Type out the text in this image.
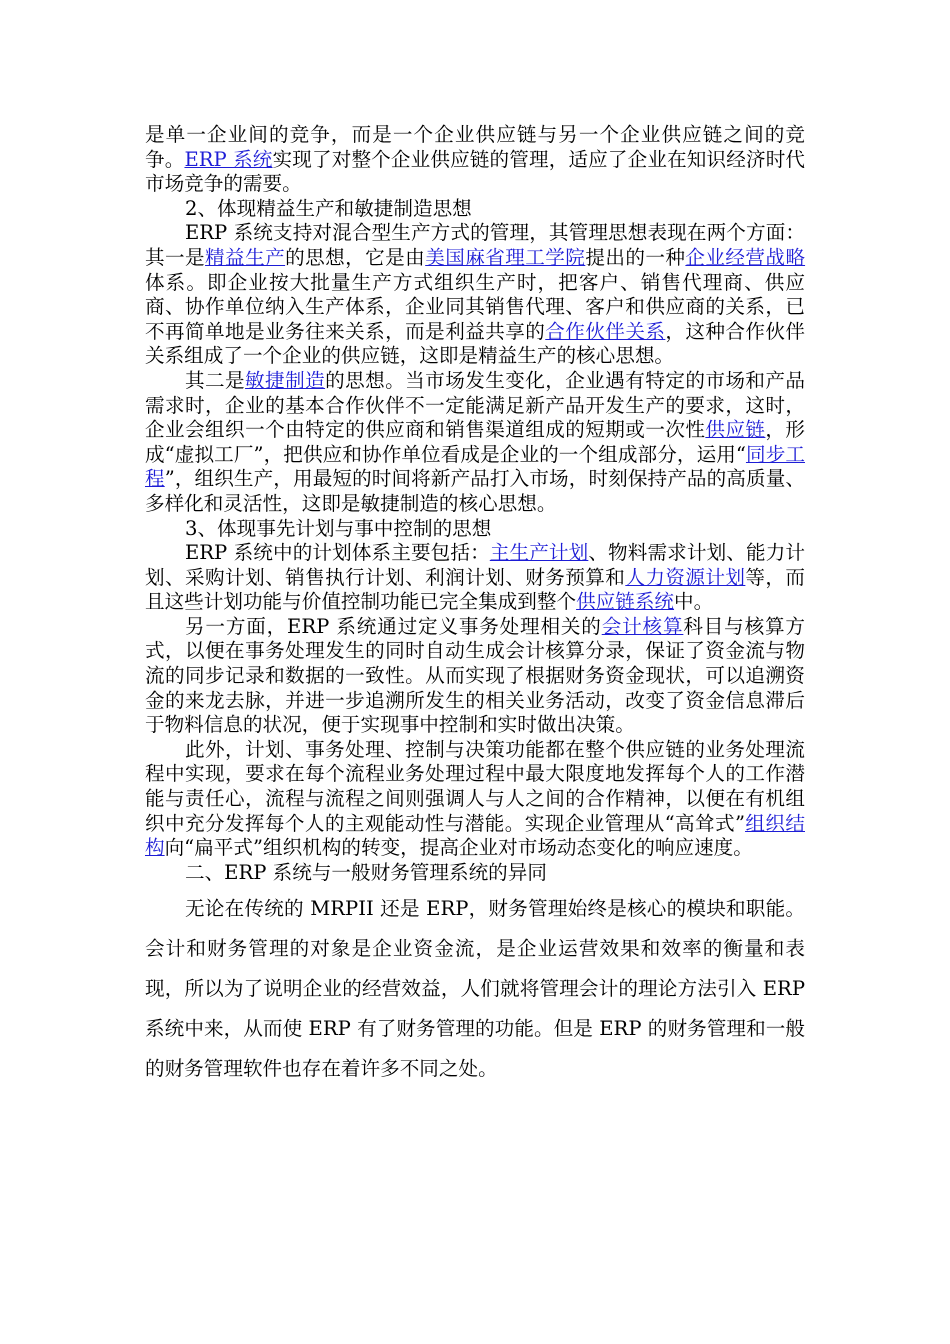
是单一企业间的竞争，而是一个企业供应链与另一个企业供应链之间的竞争。ERP 系统实现了对整个企业供应链的管理，适应了企业在知识经济时代市场竞争的需要。

2、体现精益生产和敏捷制造思想

ERP 系统支持对混合型生产方式的管理，其管理思想表现在两个方面：其一是精益生产的思想，它是由美国麻省理工学院提出的一种企业经营战略体系。即企业按大批量生产方式组织生产时，把客户、销售代理商、供应商、协作单位纳入生产体系，企业同其销售代理、客户和供应商的关系，已不再简单地是业务往来关系，而是利益共享的合作伙伴关系，这种合作伙伴关系组成了一个企业的供应链，这即是精益生产的核心思想。

其二是敏捷制造的思想。当市场发生变化，企业遇有特定的市场和产品需求时，企业的基本合作伙伴不一定能满足新产品开发生产的要求，这时，企业会组织一个由特定的供应商和销售渠道组成的短期或一次性供应链，形成“虚拟工厂”，把供应和协作单位看成是企业的一个组成部分，运用“同步工程”，组织生产，用最短的时间将新产品打入市场，时刻保持产品的高质量、多样化和灵活性，这即是敏捷制造的核心思想。

3、体现事先计划与事中控制的思想

ERP 系统中的计划体系主要包括：主生产计划、物料需求计划、能力计划、采购计划、销售执行计划、利润计划、财务预算和人力资源计划等，而且这些计划功能与价值控制功能已完全集成到整个供应链系统中。

另一方面，ERP 系统通过定义事务处理相关的会计核算科目与核算方式，以便在事务处理发生的同时自动生成会计核算分录，保证了资金流与物流的同步记录和数据的一致性。从而实现了根据财务资金现状，可以追溯资金的来龙去脉，并进一步追溯所发生的相关业务活动，改变了资金信息滞后于物料信息的状况，便于实现事中控制和实时做出决策。

此外，计划、事务处理、控制与决策功能都在整个供应链的业务处理流程中实现，要求在每个流程业务处理过程中最大限度地发挥每个人的工作潜能与责任心，流程与流程之间则强调人与人之间的合作精神，以便在有机组织中充分发挥每个人的主观能动性与潜能。实现企业管理从“高耸式”组织结构向“扁平式”组织机构的转变，提高企业对市场动态变化的响应速度。

二、ERP 系统与一般财务管理系统的异同

无论在传统的 MRPII 还是 ERP，财务管理始终是核心的模块和职能。会计和财务管理的对象是企业资金流，是企业运营效果和效率的衡量和表现，所以为了说明企业的经营效益，人们就将管理会计的理论方法引入 ERP 系统中来，从而使 ERP 有了财务管理的功能。但是 ERP 的财务管理和一般的财务管理软件也存在着许多不同之处。
